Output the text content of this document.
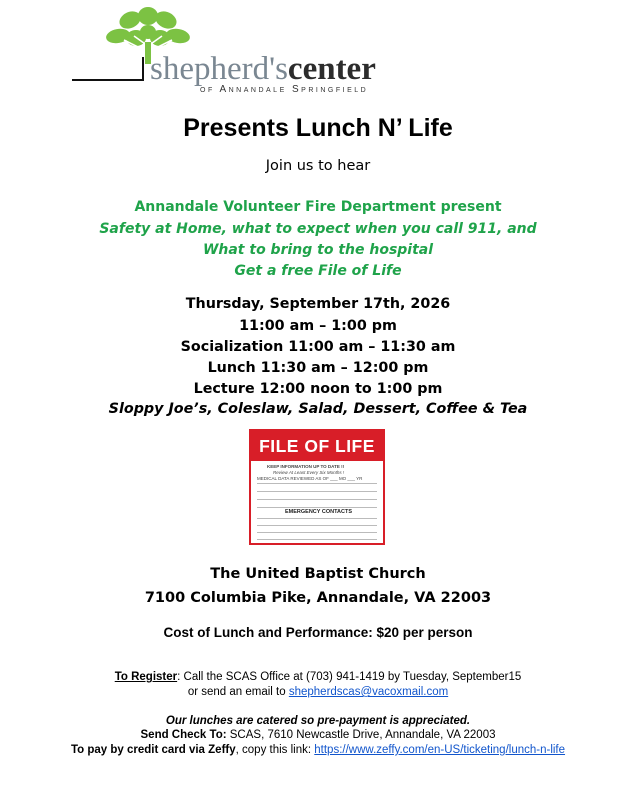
shepherd'scenter
of Annandale Springfield
Presents Lunch N’ Life
Join us to hear
Annandale Volunteer Fire Department present
Safety at Home, what to expect when you call 911, and
What to bring to the hospital
Get a free File of Life
Thursday, September 17th, 2026
11:00 am – 1:00 pm
Socialization 11:00 am – 11:30 am
Lunch 11:30 am – 12:00 pm
Lecture 12:00 noon to 1:00 pm
Sloppy Joe’s, Coleslaw, Salad, Dessert, Coffee & Tea
FILE OF LIFE
KEEP INFORMATION UP TO DATE !!
Review At Least Every Six Months !
MEDICAL DATA REVIEWED AS OF ___ MO ___ YR
EMERGENCY CONTACTS
The United Baptist Church
7100 Columbia Pike, Annandale, VA 22003
Cost of Lunch and Performance: $20 per person
To Register: Call the SCAS Office at (703) 941-1419 by Tuesday, September15
or send an email to shepherdscas@vacoxmail.com
Our lunches are catered so pre-payment is appreciated.
Send Check To: SCAS, 7610 Newcastle Drive, Annandale, VA 22003
To pay by credit card via Zeffy, copy this link: https://www.zeffy.com/en-US/ticketing/lunch-n-life
